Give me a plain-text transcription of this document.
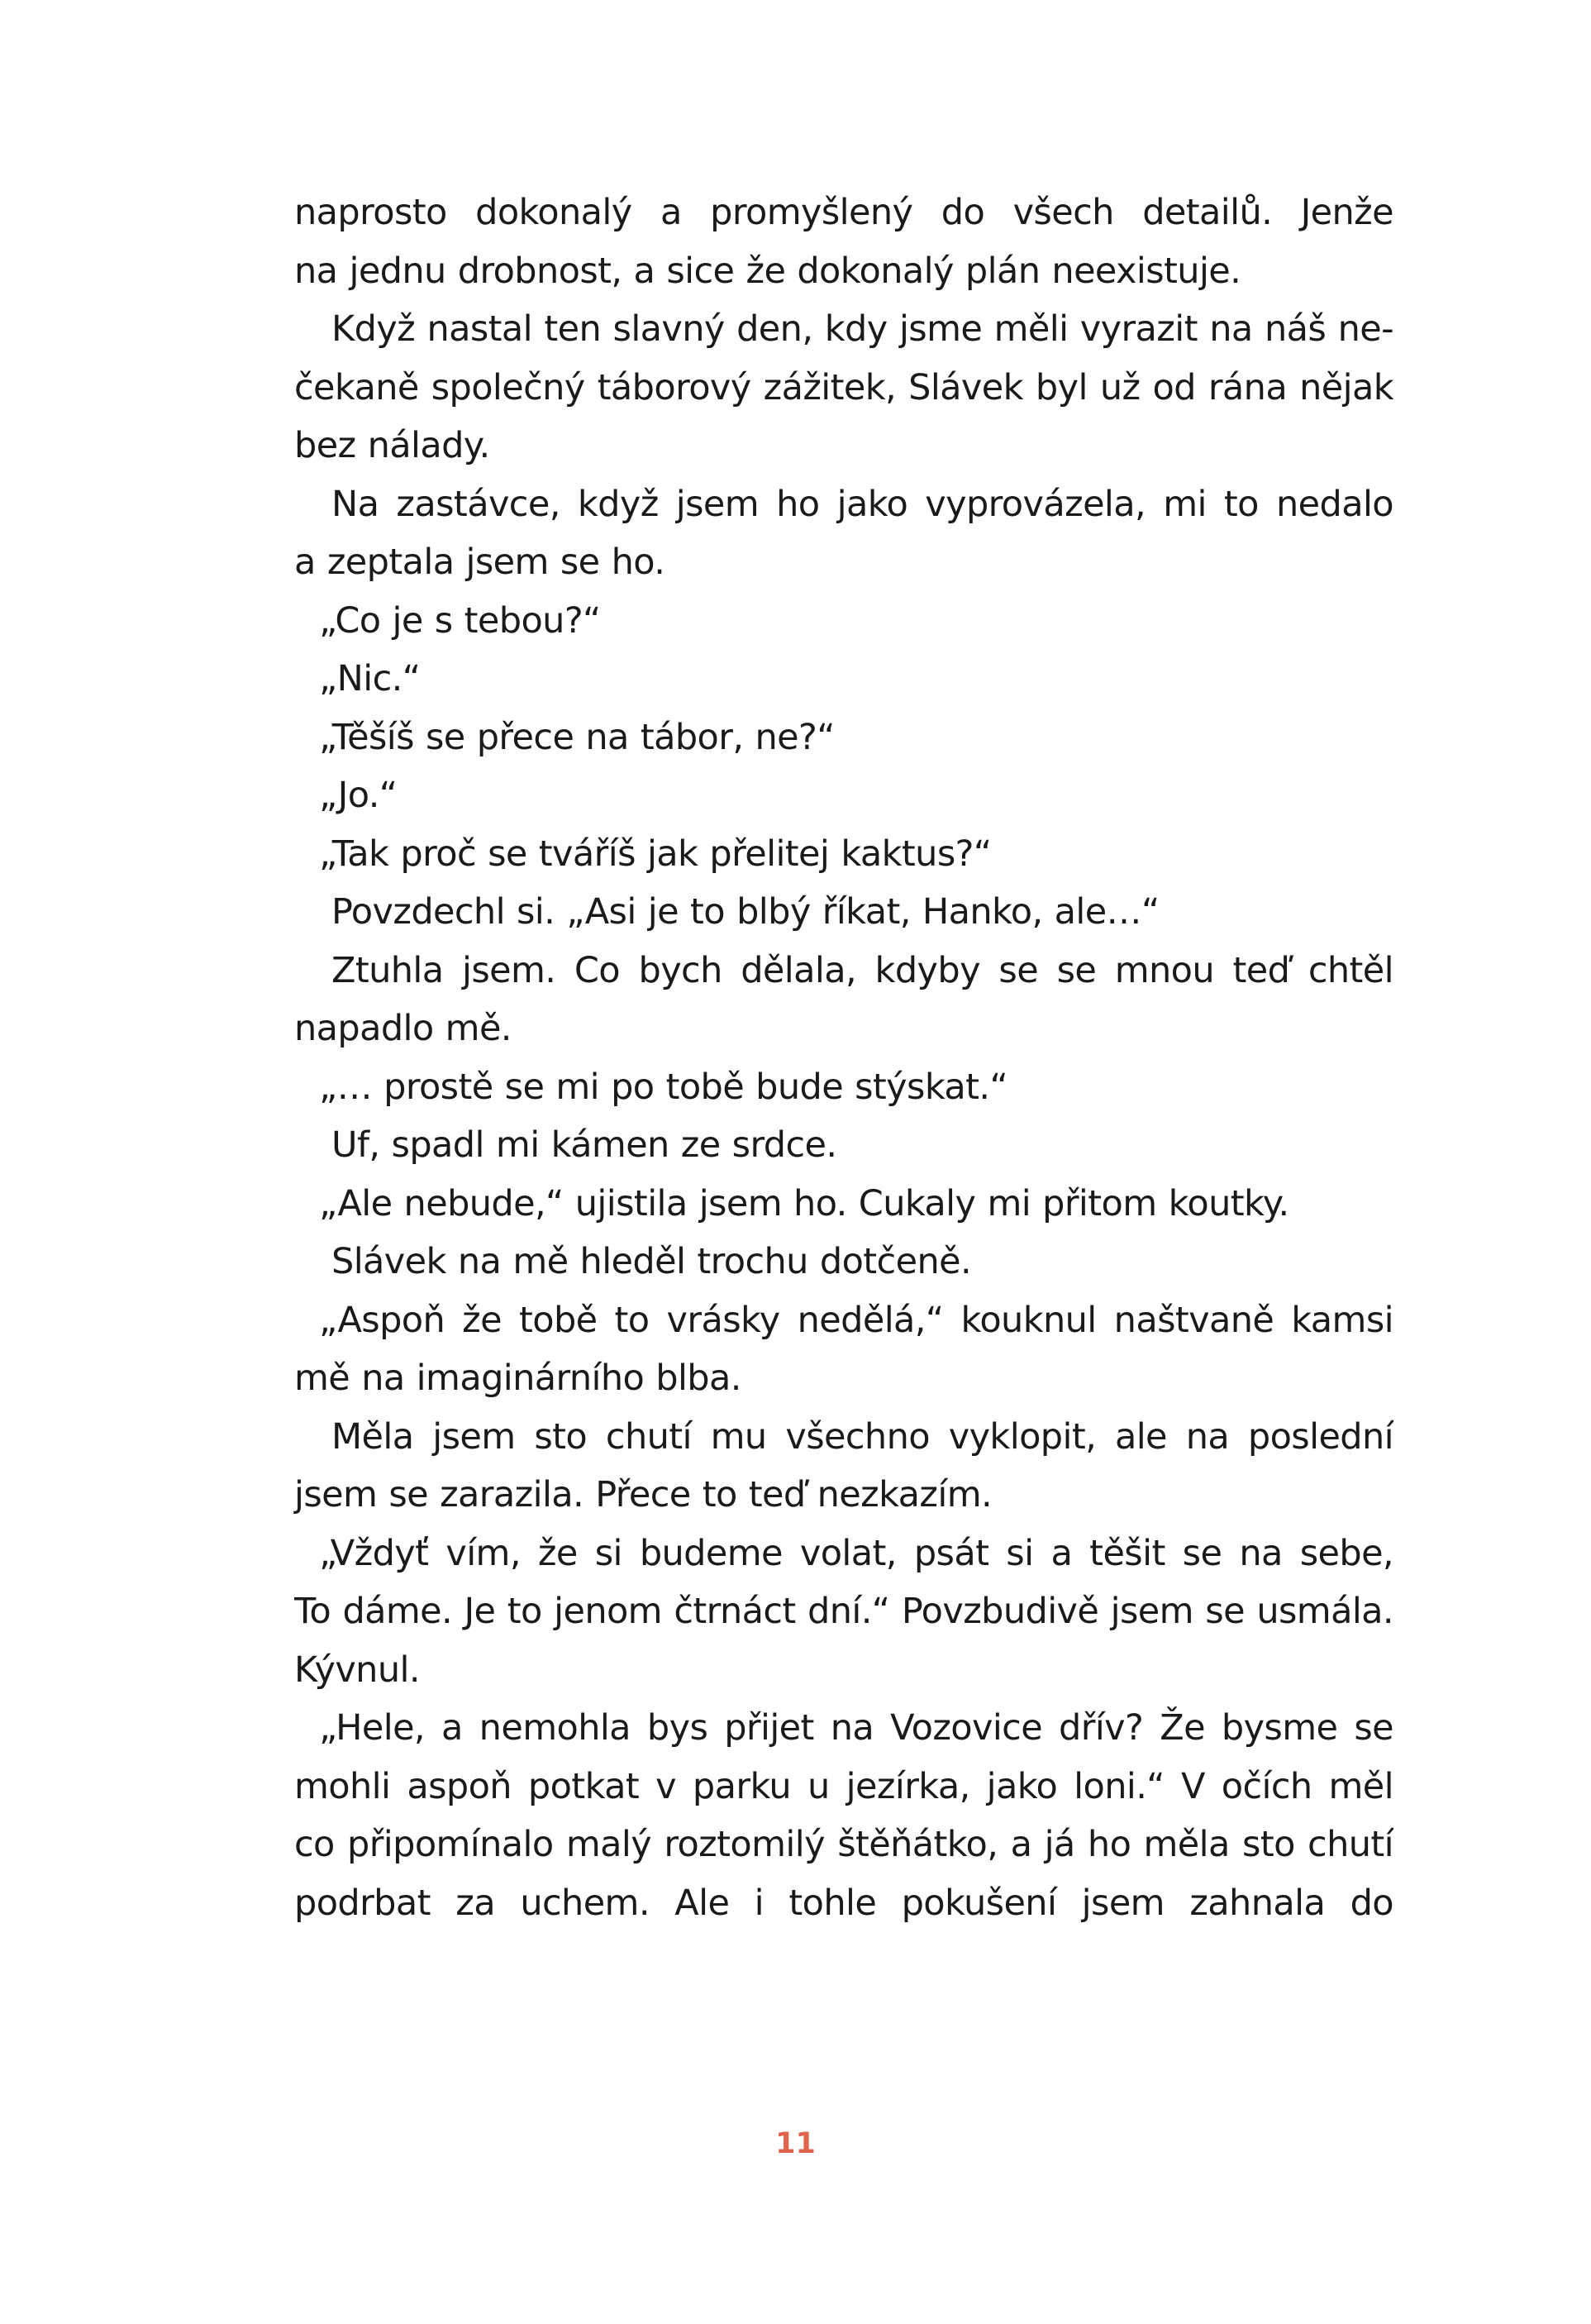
naprosto dokonalý a promyšlený do všech detailů. Jenže
na jednu drobnost, a sice že dokonalý plán neexistuje.
Když nastal ten slavný den, kdy jsme měli vyrazit na náš ne-
čekaně společný táborový zážitek, Slávek byl už od rána nějak
bez nálady.
Na zastávce, když jsem ho jako vyprovázela, mi to nedalo
a zeptala jsem se ho.
„Co je s tebou?“
„Nic.“
„Těšíš se přece na tábor, ne?“
„Jo.“
„Tak proč se tváříš jak přelitej kaktus?“
Povzdechl si. „Asi je to blbý říkat, Hanko, ale…“
Ztuhla jsem. Co bych dělala, kdyby se se mnou teď chtěl
napadlo mě.
„… prostě se mi po tobě bude stýskat.“
Uf, spadl mi kámen ze srdce.
„Ale nebude,“ ujistila jsem ho. Cukaly mi přitom koutky.
Slávek na mě hleděl trochu dotčeně.
„Aspoň že tobě to vrásky nedělá,“ kouknul naštvaně kamsi
mě na imaginárního blba.
Měla jsem sto chutí mu všechno vyklopit, ale na poslední
jsem se zarazila. Přece to teď nezkazím.
„Vždyť vím, že si budeme volat, psát si a těšit se na sebe,
To dáme. Je to jenom čtrnáct dní.“ Povzbudivě jsem se usmála.
Kývnul.
„Hele, a nemohla bys přijet na Vozovice dřív? Že bysme se
mohli aspoň potkat v parku u jezírka, jako loni.“ V očích měl
co připomínalo malý roztomilý štěňátko, a já ho měla sto chutí
podrbat za uchem. Ale i tohle pokušení jsem zahnala do
11
